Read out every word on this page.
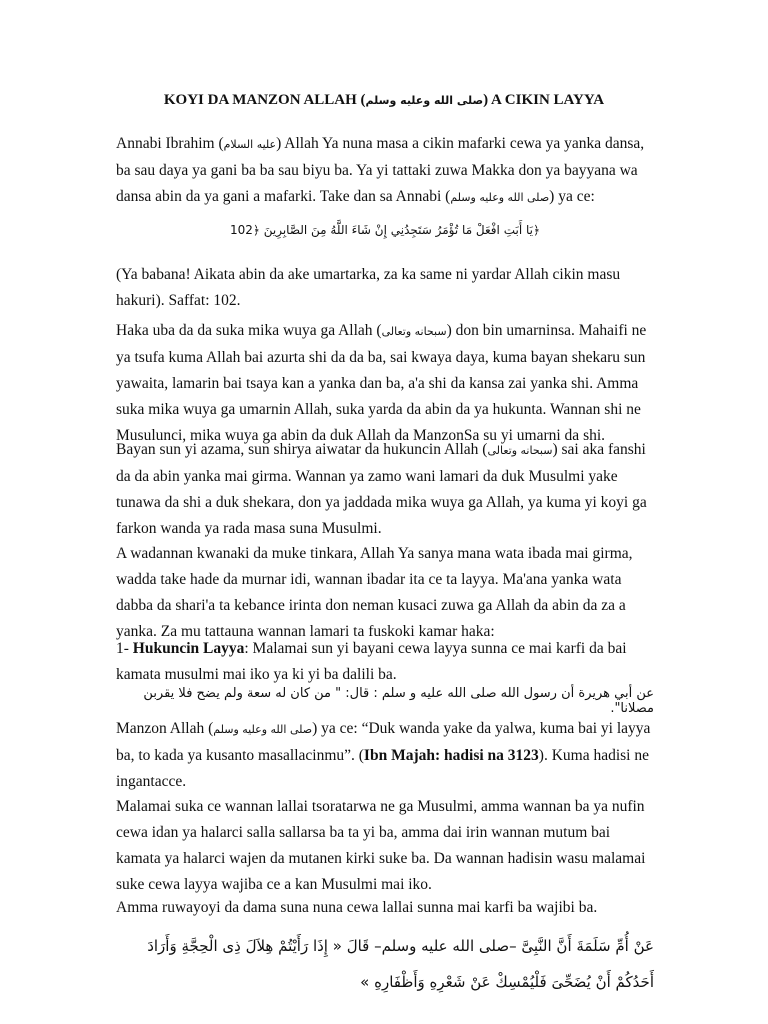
KOYI DA MANZON ALLAH (صلى الله وعليه وسلم) A CIKIN LAYYA

Annabi Ibrahim (عليه السلام) Allah Ya nuna masa a cikin mafarki cewa ya yanka dansa, ba sau daya ya gani ba ba sau biyu ba. Ya yi tattaki zuwa Makka don ya bayyana wa dansa abin da ya gani a mafarki. Take dan sa Annabi (صلى الله وعليه وسلم) ya ce:

﴿يَا أَبَتِ افْعَلْ مَا تُؤْمَرُ سَتَجِدُنِي إِنْ شَاءَ اللَّهُ مِنَ الصَّابِرِينَ ﴿102

(Ya babana! Aikata abin da ake umartarka, za ka same ni yardar Allah cikin masu hakuri). Saffat: 102.

Haka uba da da suka mika wuya ga Allah (سبحانه وتعالى) don bin umarninsa. Mahaifi ne ya tsufa kuma Allah bai azurta shi da da ba, sai kwaya daya, kuma bayan shekaru sun yawaita, lamarin bai tsaya kan a yanka dan ba, a'a shi da kansa zai yanka shi. Amma suka mika wuya ga umarnin Allah, suka yarda da abin da ya hukunta. Wannan shi ne Musulunci, mika wuya ga abin da duk Allah da ManzonSa su yi umarni da shi.

Bayan sun yi azama, sun shirya aiwatar da hukuncin Allah (سبحانه وتعالى) sai aka fanshi da da abin yanka mai girma. Wannan ya zamo wani lamari da duk Musulmi yake tunawa da shi a duk shekara, don ya jaddada mika wuya ga Allah, ya kuma yi koyi ga farkon wanda ya rada masa suna Musulmi.

A wadannan kwanaki da muke tinkara, Allah Ya sanya mana wata ibada mai girma, wadda take hade da murnar idi, wannan ibadar ita ce ta layya. Ma'ana yanka wata dabba da shari'a ta kebance irinta don neman kusaci zuwa ga Allah da abin da za a yanka. Za mu tattauna wannan lamari ta fuskoki kamar haka:

1- Hukuncin Layya: Malamai sun yi bayani cewa layya sunna ce mai karfi da bai kamata musulmi mai iko ya ki yi ba dalili ba.

عن أبي هريرة أن رسول الله صلى الله عليه و سلم : قال: " من كان له سعة ولم يضح فلا يقربن مصلانا".

Manzon Allah (صلى الله وعليه وسلم) ya ce: “Duk wanda yake da yalwa, kuma bai yi layya ba, to kada ya kusanto masallacinmu”. (Ibn Majah: hadisi na 3123). Kuma hadisi ne ingantacce.

Malamai suka ce wannan lallai tsoratarwa ne ga Musulmi, amma wannan ba ya nufin cewa idan ya halarci salla sallarsa ba ta yi ba, amma dai irin wannan mutum bai kamata ya halarci wajen da mutanen kirki suke ba. Da wannan hadisin wasu malamai suke cewa layya wajiba ce a kan Musulmi mai iko.

Amma ruwayoyi da dama suna nuna cewa lallai sunna mai karfi ba wajibi ba.

عَنْ أُمِّ سَلَمَةَ أَنَّ النَّبِىَّ –صلى الله عليه وسلم– قَالَ « إِذَا رَأَيْتُمْ هِلاَلَ ذِى الْحِجَّةِ وَأَرَادَ أَحَدُكُمْ أَنْ يُضَحِّىَ فَلْيُمْسِكْ عَنْ شَعْرِهِ وَأَظْفَارِهِ »
